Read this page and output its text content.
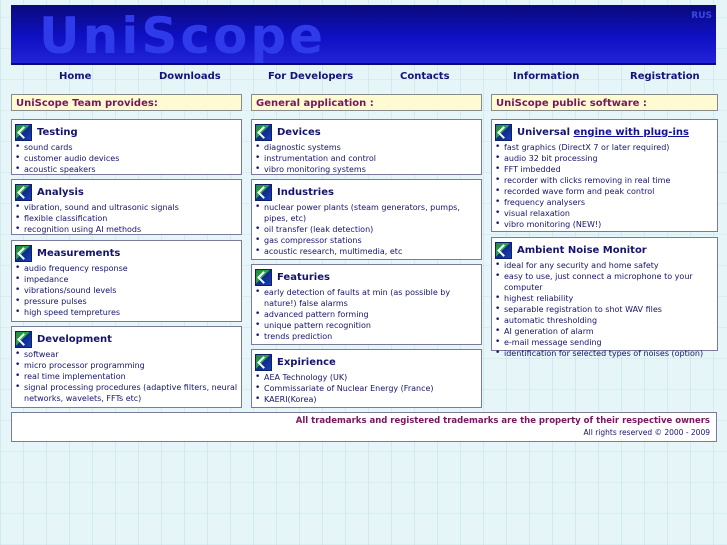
UniScope	RUS
Home	Downloads	For Developers	Contacts	Information	Registration
UniScope Team provides:	General application :	UniScope public software :
Testing
• sound cards
• customer audio devices
• acoustic speakers
Analysis
• vibration, sound and ultrasonic signals
• flexible classification
• recognition using AI methods
Measurements
• audio frequency response
• impedance
• vibrations/sound levels
• pressure pulses
• high speed tempretures
Development
• softwear
• micro processor programming
• real time implementation
• signal processing procedures (adaptive filters, neural networks, wavelets, FFTs etc)
Devices
• diagnostic systems
• instrumentation and control
• vibro monitoring systems
Industries
• nuclear power plants (steam generators, pumps, pipes, etc)
• oil transfer (leak detection)
• gas compressor stations
• acoustic research, multimedia, etc
Featuries
• early detection of faults at min (as possible by nature!) false alarms
• advanced pattern forming
• unique pattern recognition
• trends prediction
Expirience
• AEA Technology (UK)
• Commissariate of Nuclear Energy (France)
• KAERI(Korea)
Universal
engine with plug-ins
• fast graphics (DirectX 7 or later required)
• audio 32 bit processing
• FFT imbedded
• recorder with clicks removing in real time
• recorded wave form and peak control
• frequency analysers
• visual relaxation
• vibro monitoring (NEW!)
Ambient Noise Monitor
• ideal for any security and home safety
• easy to use, just connect a microphone to your computer
• highest reliability
• separable registration to shot WAV files
• automatic thresholding
• AI generation of alarm
• e-mail message sending
• identification for selected types of noises (option)
All trademarks and registered trademarks are the property of their respective owners
All rights reserved © 2000 - 2009
